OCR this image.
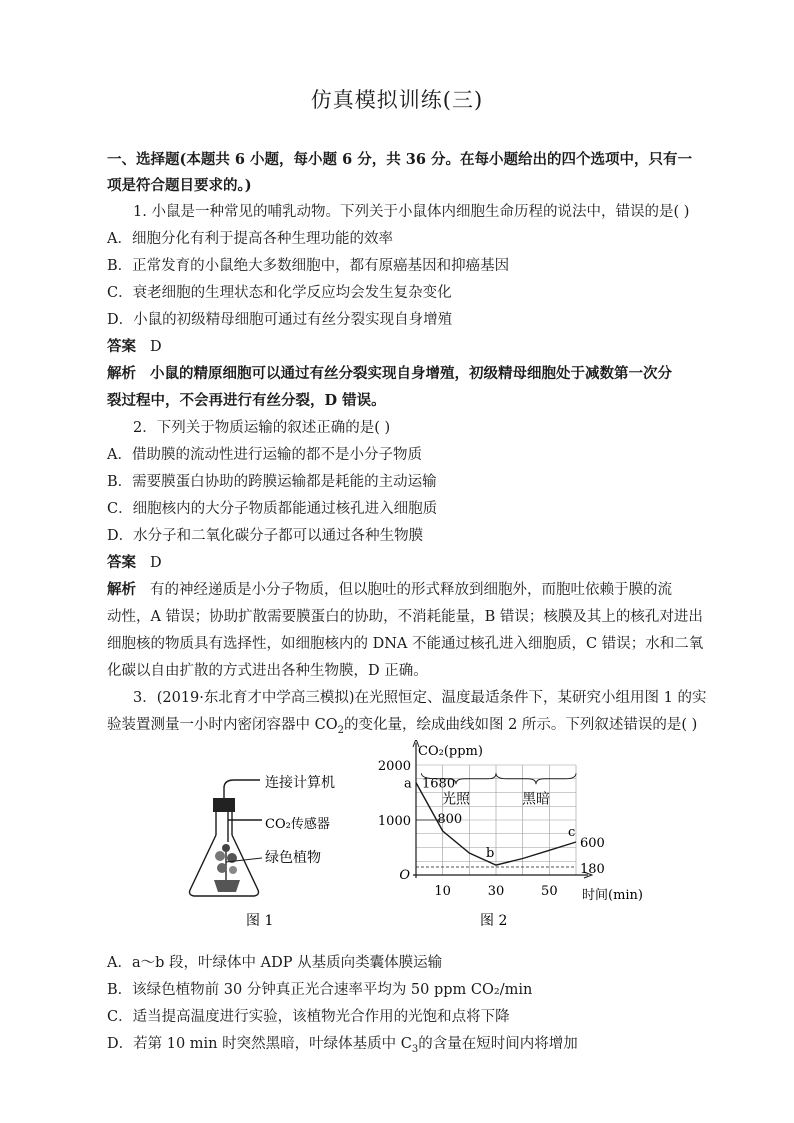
仿真模拟训练(三)
一、选择题(本题共 6 小题，每小题 6 分，共 36 分。在每小题给出的四个选项中，只有一
项是符合题目要求的。)
1. 小鼠是一种常见的哺乳动物。下列关于小鼠体内细胞生命历程的说法中，错误的是( )
A．细胞分化有利于提高各种生理功能的效率
B．正常发育的小鼠绝大多数细胞中，都有原癌基因和抑癌基因
C．衰老细胞的生理状态和化学反应均会发生复杂变化
D．小鼠的初级精母细胞可通过有丝分裂实现自身增殖
答案 D
解析 小鼠的精原细胞可以通过有丝分裂实现自身增殖，初级精母细胞处于减数第一次分
裂过程中，不会再进行有丝分裂，D 错误。
2．下列关于物质运输的叙述正确的是( )
A．借助膜的流动性进行运输的都不是小分子物质
B．需要膜蛋白协助的跨膜运输都是耗能的主动运输
C．细胞核内的大分子物质都能通过核孔进入细胞质
D．水分子和二氧化碳分子都可以通过各种生物膜
答案 D
解析 有的神经递质是小分子物质，但以胞吐的形式释放到细胞外，而胞吐依赖于膜的流
动性，A 错误；协助扩散需要膜蛋白的协助，不消耗能量，B 错误；核膜及其上的核孔对进出
细胞核的物质具有选择性，如细胞核内的 DNA 不能通过核孔进入细胞质，C 错误；水和二氧
化碳以自由扩散的方式进出各种生物膜，D 正确。
3．(2019·东北育才中学高三模拟)在光照恒定、温度最适条件下，某研究小组用图 1 的实
验装置测量一小时内密闭容器中 $CO_2$的变化量，绘成曲线如图 2 所示。下列叙述错误的是( )
连接计算机
CO₂传感器
绿色植物
图 1
2000
1000
O
10	30	50
CO₂(ppm)
时间(min)
光照	黑暗
a 1680
800
b
c
600
180
图 2
A．a～b 段，叶绿体中 ADP 从基质向类囊体膜运输
B．该绿色植物前 30 分钟真正光合速率平均为 50 ppm CO₂/min
C．适当提高温度进行实验，该植物光合作用的光饱和点将下降
D．若第 10 min 时突然黑暗，叶绿体基质中 $C_3$的含量在短时间内将增加
